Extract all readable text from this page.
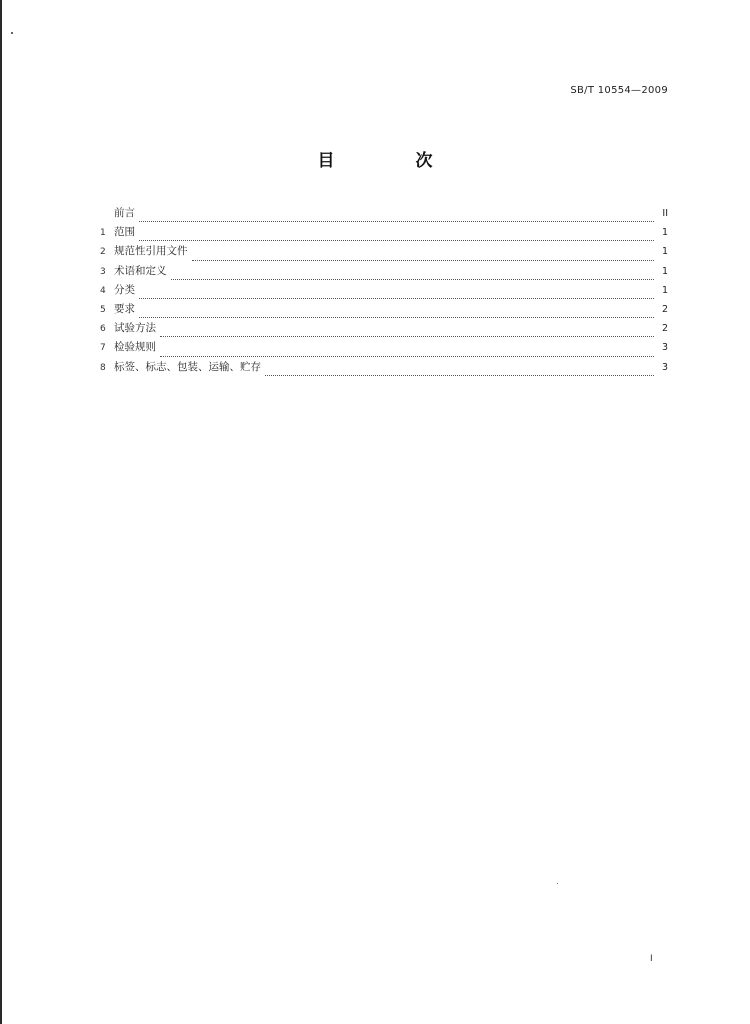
SB/T 10554—2009
目　次
前言	II
1 范围	1
2 规范性引用文件	1
3 术语和定义	1
4 分类	1
5 要求	2
6 试验方法	2
7 检验规则	3
8 标签、标志、包装、运输、贮存	3
I
